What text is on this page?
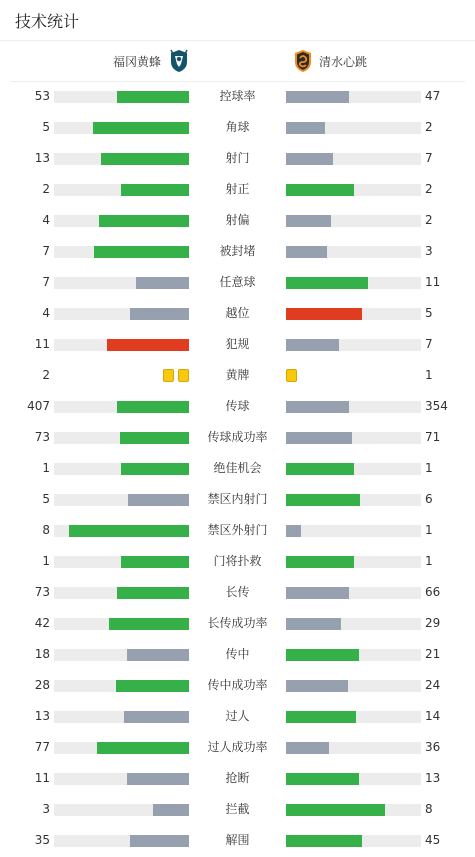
技术统计
福冈黄蜂	清水心跳
53	控球率	47
5	角球	2
13	射门	7
2	射正	2
4	射偏	2
7	被封堵	3
7	任意球	11
4	越位	5
11	犯规	7
2	黄牌	1
407	传球	354
73	传球成功率	71
1	绝佳机会	1
5	禁区内射门	6
8	禁区外射门	1
1	门将扑救	1
73	长传	66
42	长传成功率	29
18	传中	21
28	传中成功率	24
13	过人	14
77	过人成功率	36
11	抢断	13
3	拦截	8
35	解围	45
